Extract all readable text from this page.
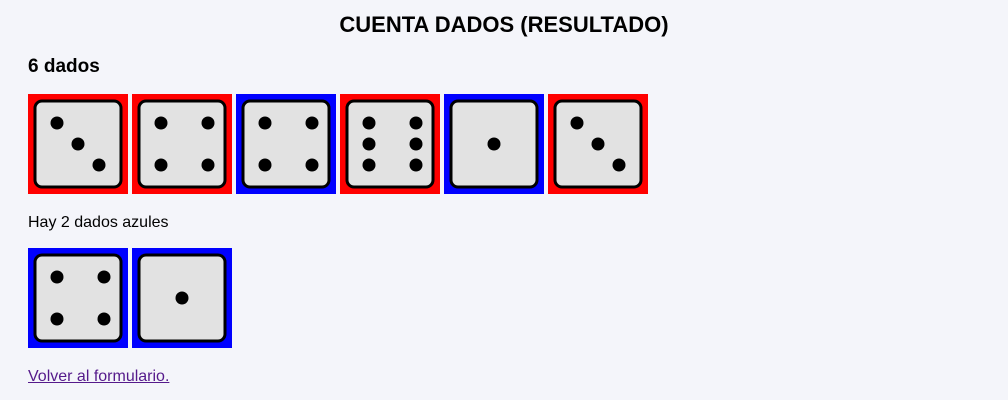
CUENTA DADOS (RESULTADO)
6 dados

Hay 2 dados azules

Volver al formulario.
